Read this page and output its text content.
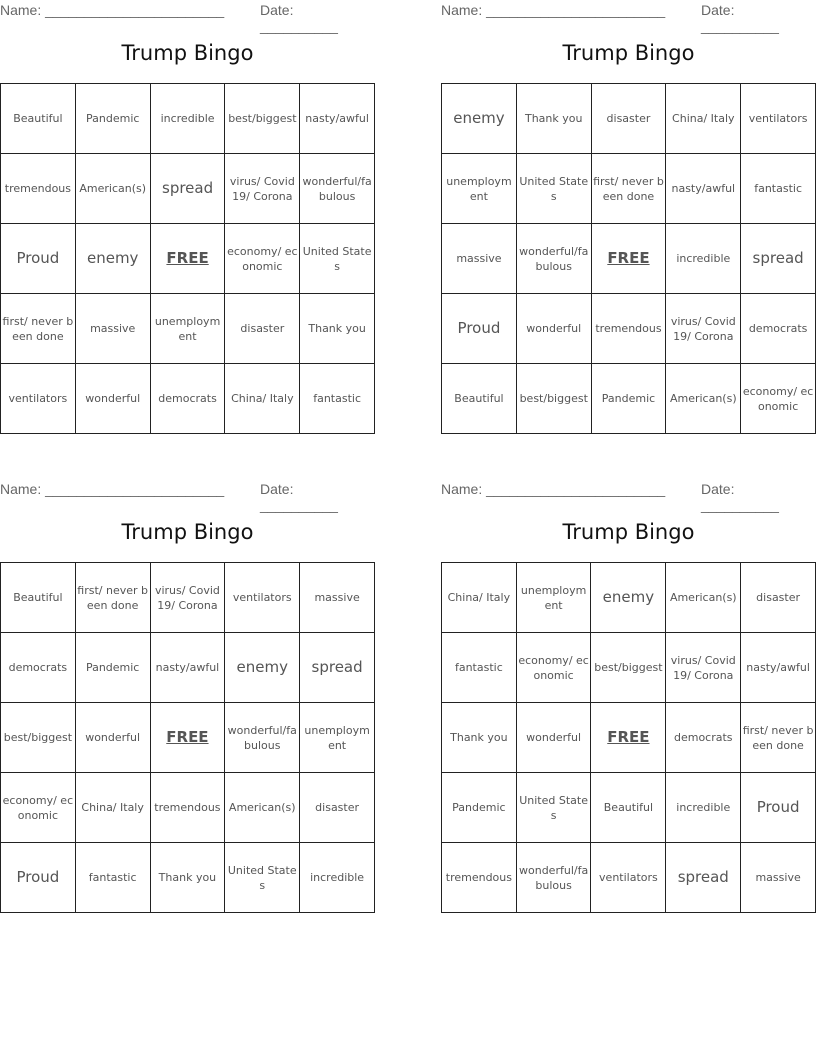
Name: _______________________	Date: __________
Trump Bingo
Beautiful	Pandemic	incredible	best/biggest	nasty/awful
tremendous	American(s)	spread	virus/ Covid19/ Corona	wonderful/fabulous
Proud	enemy	FREE	economy/ economic	United States
first/ never been done	massive	unemployment	disaster	Thank you
ventilators	wonderful	democrats	China/ Italy	fantastic
Name: _______________________	Date: __________
Trump Bingo
enemy	Thank you	disaster	China/ Italy	ventilators
unemployment	United States	first/ never been done	nasty/awful	fantastic
massive	wonderful/fabulous	FREE	incredible	spread
Proud	wonderful	tremendous	virus/ Covid19/ Corona	democrats
Beautiful	best/biggest	Pandemic	American(s)	economy/ economic
Name: _______________________	Date: __________
Trump Bingo
Beautiful	first/ never been done	virus/ Covid19/ Corona	ventilators	massive
democrats	Pandemic	nasty/awful	enemy	spread
best/biggest	wonderful	FREE	wonderful/fabulous	unemployment
economy/ economic	China/ Italy	tremendous	American(s)	disaster
Proud	fantastic	Thank you	United States	incredible
Name: _______________________	Date: __________
Trump Bingo
China/ Italy	unemployment	enemy	American(s)	disaster
fantastic	economy/ economic	best/biggest	virus/ Covid19/ Corona	nasty/awful
Thank you	wonderful	FREE	democrats	first/ never been done
Pandemic	United States	Beautiful	incredible	Proud
tremendous	wonderful/fabulous	ventilators	spread	massive
